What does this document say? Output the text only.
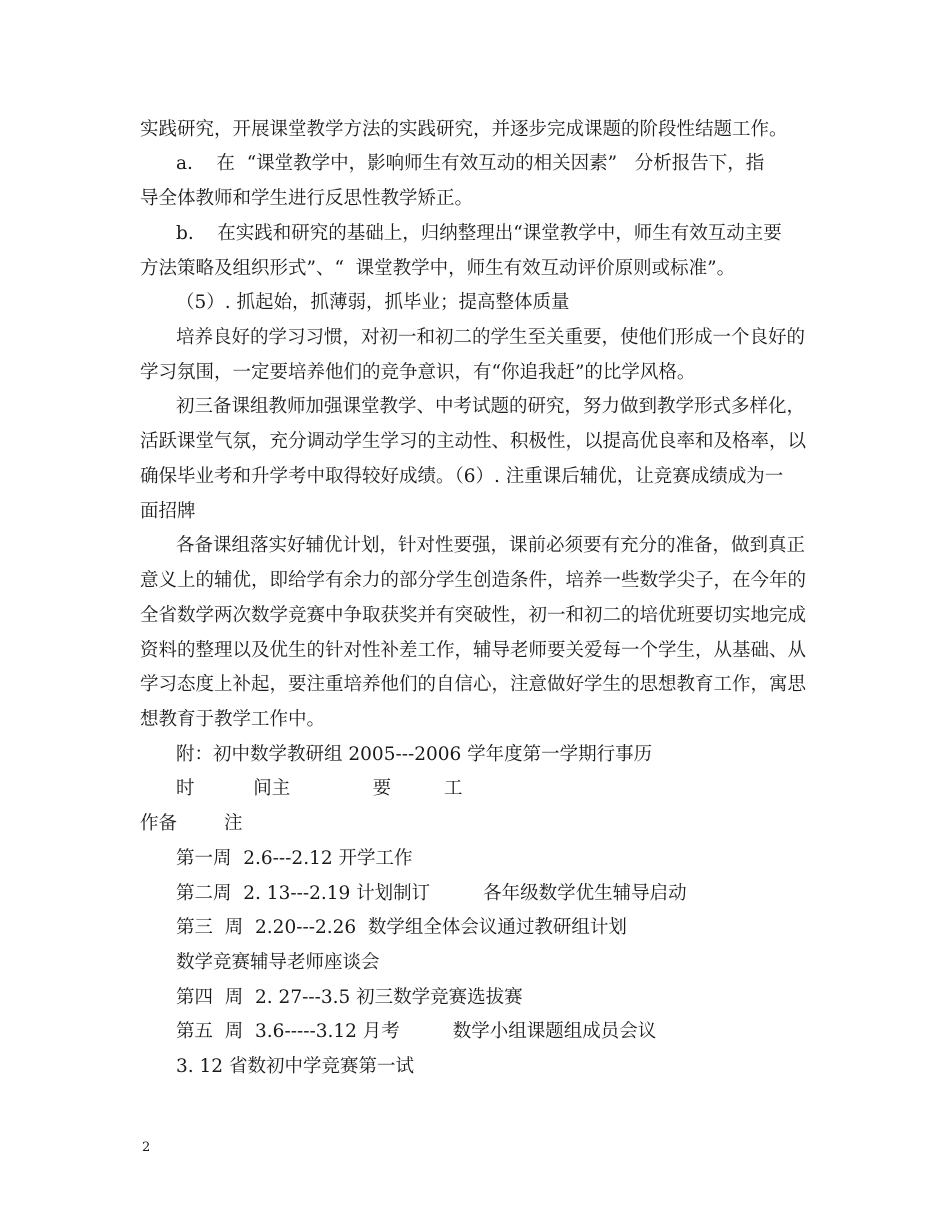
实践研究，开展课堂教学方法的实践研究，并逐步完成课题的阶段性结题工作。
a.    在  “课堂教学中，影响师生有效互动的相关因素”   分析报告下，指
导全体教师和学生进行反思性教学矫正。
b.    在实践和研究的基础上，归纳整理出“课堂教学中，师生有效互动主要
方法策略及组织形式”、“  课堂教学中，师生有效互动评价原则或标准”。
（5）. 抓起始，抓薄弱，抓毕业；提高整体质量
培养良好的学习习惯，对初一和初二的学生至关重要，使他们形成一个良好的
学习氛围，一定要培养他们的竞争意识，有“你追我赶”的比学风格。
初三备课组教师加强课堂教学、中考试题的研究，努力做到教学形式多样化，
活跃课堂气氛，充分调动学生学习的主动性、积极性，以提高优良率和及格率，以
确保毕业考和升学考中取得较好成绩。（6）. 注重课后辅优，让竞赛成绩成为一
面招牌
各备课组落实好辅优计划，针对性要强，课前必须要有充分的准备，做到真正
意义上的辅优，即给学有余力的部分学生创造条件，培养一些数学尖子，在今年的
全省数学两次数学竞赛中争取获奖并有突破性，初一和初二的培优班要切实地完成
资料的整理以及优生的针对性补差工作，辅导老师要关爱每一个学生，从基础、从
学习态度上补起，要注重培养他们的自信心，注意做好学生的思想教育工作，寓思
想教育于教学工作中。
附：初中数学教研组 2005---2006 学年度第一学期行事历
时          间主              要         工
作备        注
第一周  2.6---2.12 开学工作
第二周  2. 13---2.19 计划制订         各年级数学优生辅导启动
第三  周  2.20---2.26  数学组全体会议通过教研组计划
数学竞赛辅导老师座谈会
第四  周  2. 27---3.5 初三数学竞赛选拔赛
第五  周  3.6-----3.12 月考         数学小组课题组成员会议
3. 12 省数初中学竞赛第一试
2
